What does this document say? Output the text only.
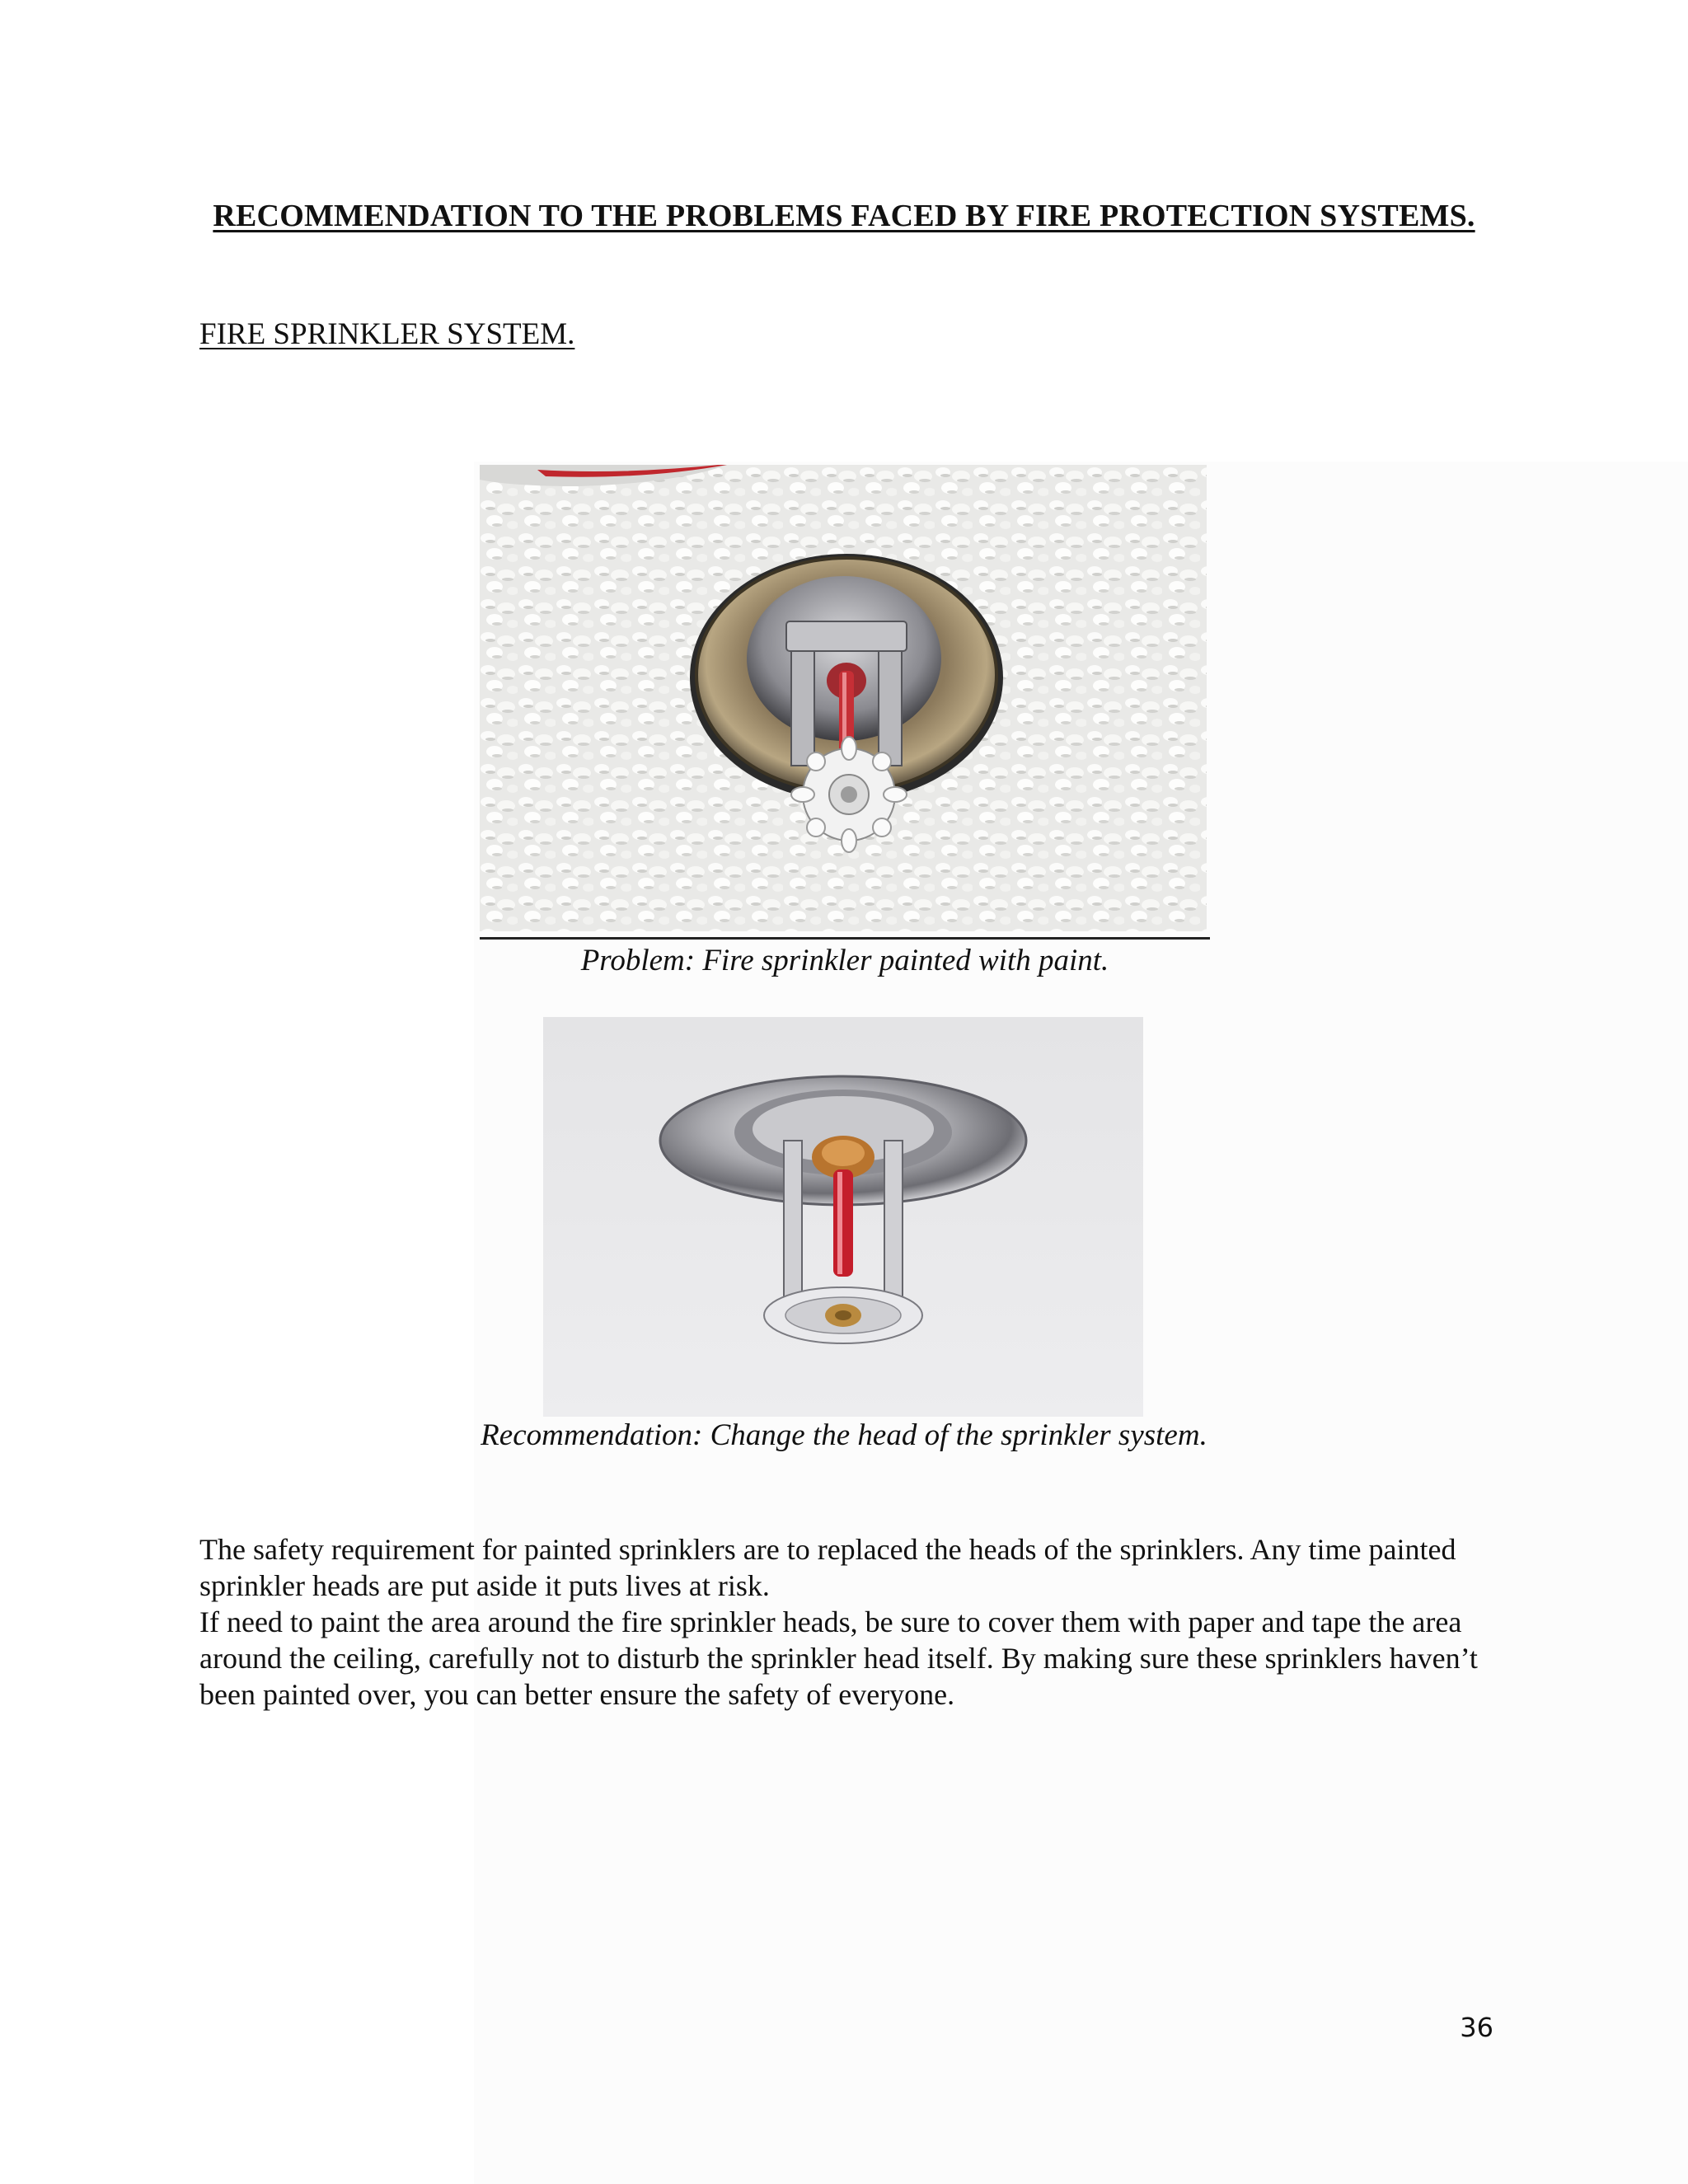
RECOMMENDATION TO THE PROBLEMS FACED BY FIRE PROTECTION SYSTEMS.
FIRE SPRINKLER SYSTEM.
Problem: Fire sprinkler painted with paint.
Recommendation: Change the head of the sprinkler system.

The safety requirement for painted sprinklers are to replaced the heads of the sprinklers. Any time painted sprinkler heads are put aside it puts lives at risk.

If need to paint the area around the fire sprinkler heads, be sure to cover them with paper and tape the area around the ceiling, carefully not to disturb the sprinkler head itself. By making sure these sprinklers haven’t been painted over, you can better ensure the safety of everyone.

36
